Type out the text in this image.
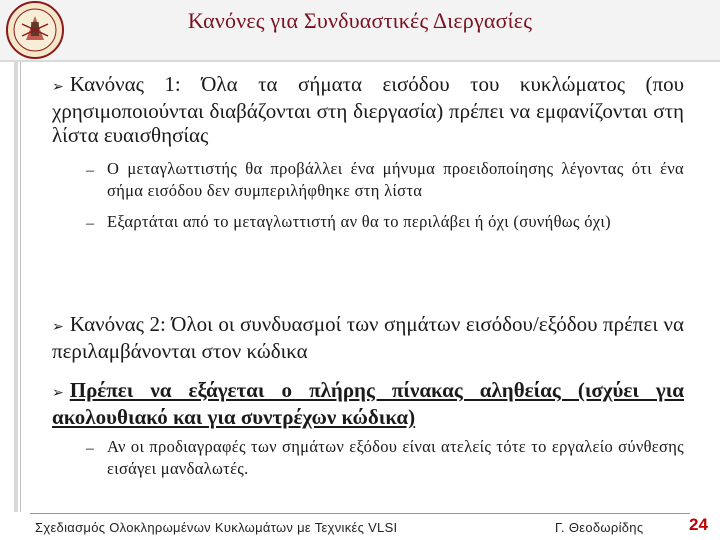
Κανόνες για Συνδυαστικές Διεργασίες
➢ Κανόνας 1: Όλα τα σήματα εισόδου του κυκλώματος (που χρησιμοποιούνται διαβάζονται στη διεργασία) πρέπει να εμφανίζονται στη λίστα ευαισθησίας
– Ο μεταγλωττιστής θα προβάλλει ένα μήνυμα προειδοποίησης λέγοντας ότι ένα σήμα εισόδου δεν συμπεριλήφθηκε στη λίστα
– Εξαρτάται από το μεταγλωττιστή αν θα το περιλάβει ή όχι (συνήθως όχι)
➢ Κανόνας 2: Όλοι οι συνδυασμοί των σημάτων εισόδου/εξόδου πρέπει να περιλαμβάνονται στον κώδικα
➢ Πρέπει να εξάγεται ο πλήρης πίνακας αληθείας (ισχύει για ακολουθιακό και για συντρέχων κώδικα)
– Αν οι προδιαγραφές των σημάτων εξόδου είναι ατελείς τότε το εργαλείο σύνθεσης εισάγει μανδαλωτές.
Σχεδιασμός Ολοκληρωμένων Κυκλωμάτων με Τεχνικές VLSI	Γ. Θεοδωρίδης	24
